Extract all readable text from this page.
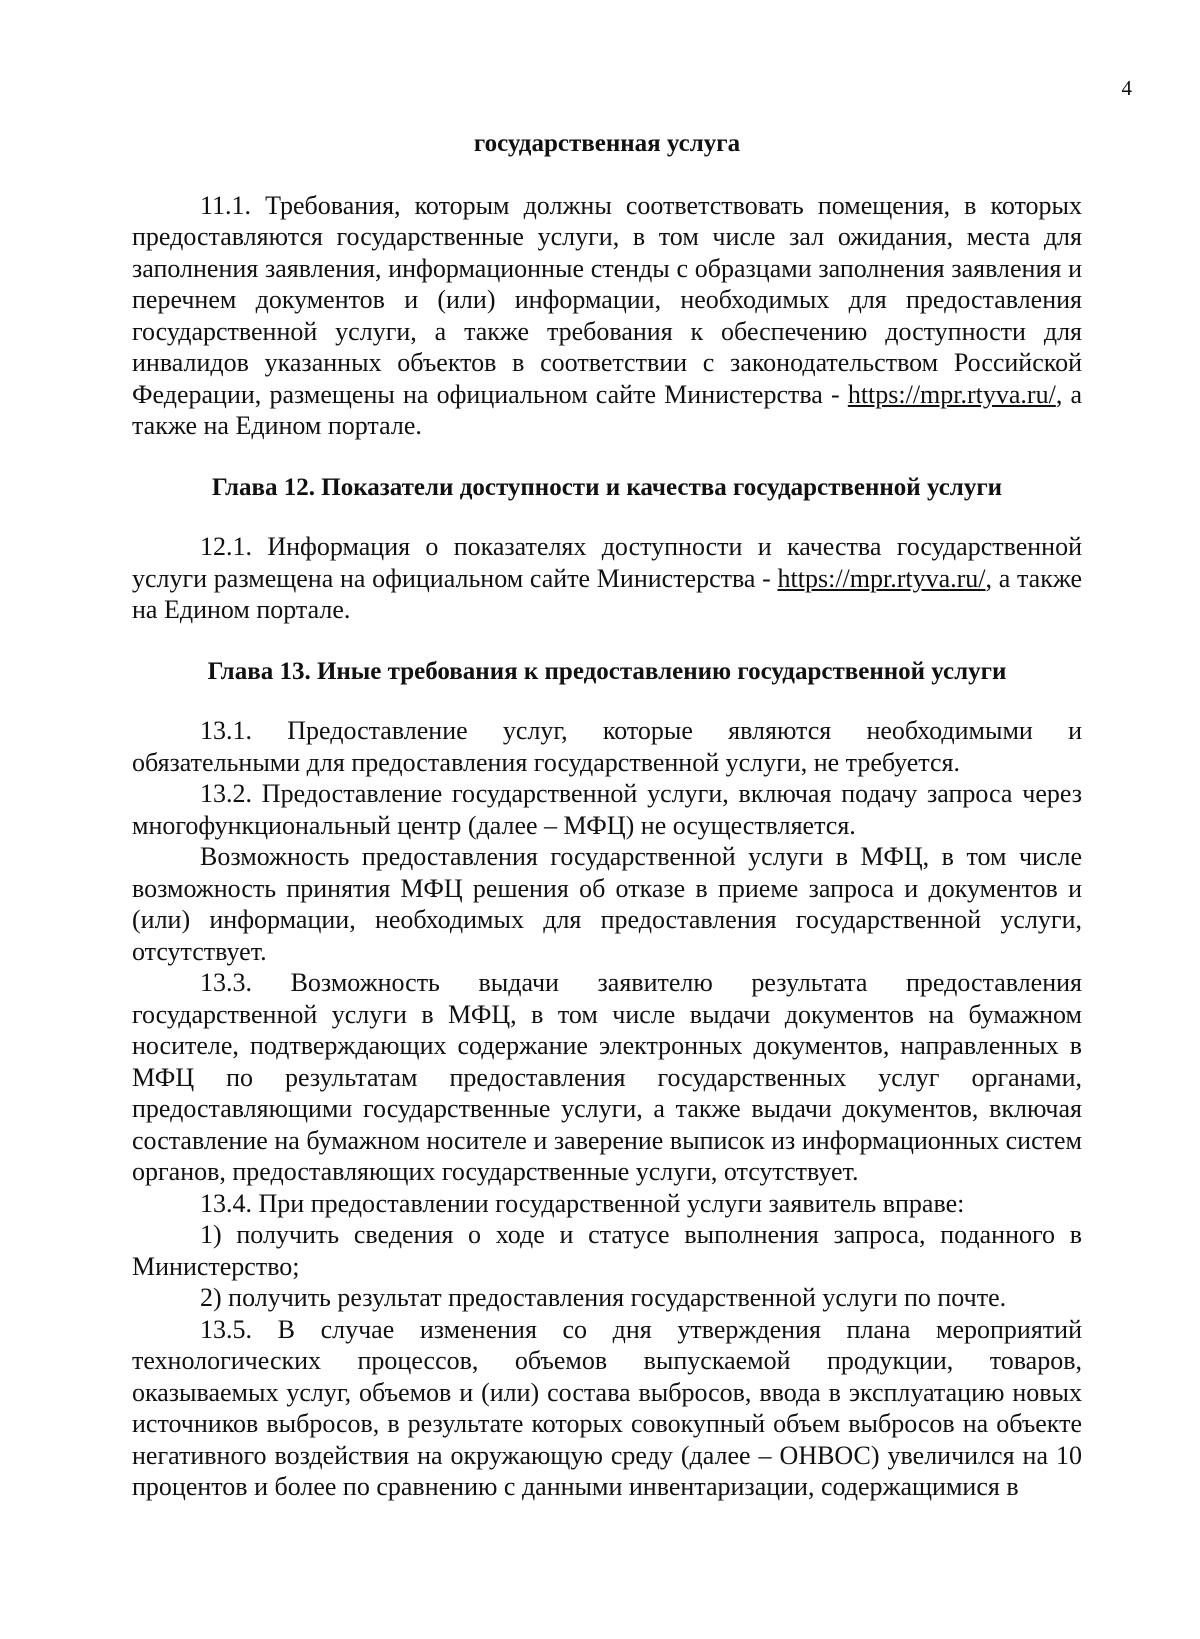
4
государственная услуга

11.1. Требования, которым должны соответствовать помещения, в которых предоставляются государственные услуги, в том числе зал ожидания, места для заполнения заявления, информационные стенды с образцами заполнения заявления и перечнем документов и (или) информации, необходимых для предоставления государственной услуги, а также требования к обеспечению доступности для инвалидов указанных объектов в соответствии с законодательством Российской Федерации, размещены на официальном сайте Министерства - https://mpr.rtyva.ru/, а также на Едином портале.

Глава 12. Показатели доступности и качества государственной услуги

12.1. Информация о показателях доступности и качества государственной услуги размещена на официальном сайте Министерства - https://mpr.rtyva.ru/, а также на Едином портале.

Глава 13. Иные требования к предоставлению государственной услуги

13.1. Предоставление услуг, которые являются необходимыми и обязательными для предоставления государственной услуги, не требуется.

13.2. Предоставление государственной услуги, включая подачу запроса через многофункциональный центр (далее – МФЦ) не осуществляется.

Возможность предоставления государственной услуги в МФЦ, в том числе возможность принятия МФЦ решения об отказе в приеме запроса и документов и (или) информации, необходимых для предоставления государственной услуги, отсутствует.

13.3. Возможность выдачи заявителю результата предоставления государственной услуги в МФЦ, в том числе выдачи документов на бумажном носителе, подтверждающих содержание электронных документов, направленных в МФЦ по результатам предоставления государственных услуг органами, предоставляющими государственные услуги, а также выдачи документов, включая составление на бумажном носителе и заверение выписок из информационных систем органов, предоставляющих государственные услуги, отсутствует.

13.4. При предоставлении государственной услуги заявитель вправе:

1) получить сведения о ходе и статусе выполнения запроса, поданного в Министерство;

2) получить результат предоставления государственной услуги по почте.

13.5. В случае изменения со дня утверждения плана мероприятий технологических процессов, объемов выпускаемой продукции, товаров, оказываемых услуг, объемов и (или) состава выбросов, ввода в эксплуатацию новых источников выбросов, в результате которых совокупный объем выбросов на объекте негативного воздействия на окружающую среду (далее – ОНВОС) увеличился на 10 процентов и более по сравнению с данными инвентаризации, содержащимися в
